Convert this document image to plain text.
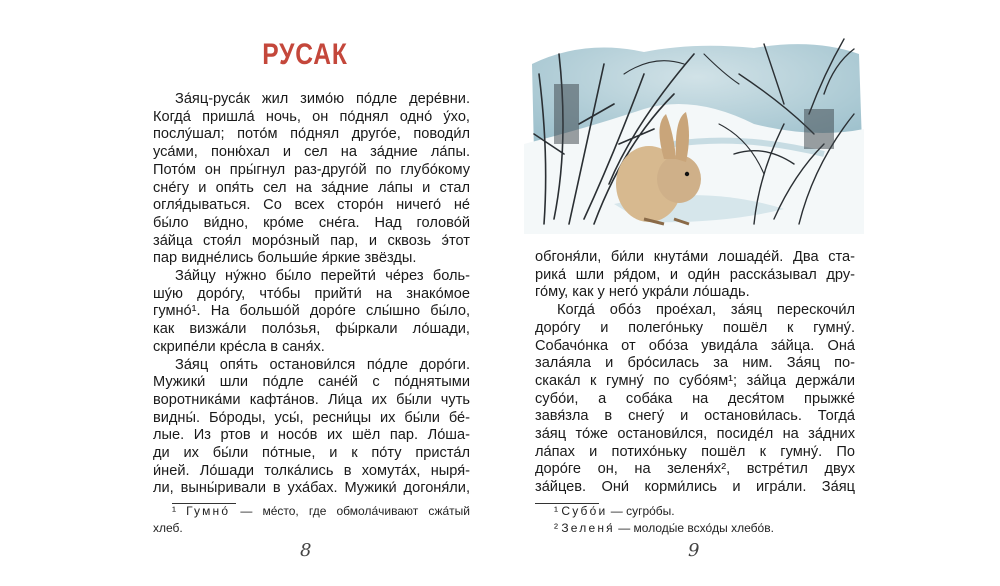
РУСАК
За́яц-руса́к жил зимо́ю по́дле дере́вни.
Когда́ пришла́ ночь, он по́днял одно́ у́хо,
послу́шал; пото́м по́днял друго́е, поводи́л
уса́ми, поню́хал и сел на за́дние ла́пы.
Пото́м он пры́гнул раз-друго́й по глубо́кому
сне́гу и опя́ть сел на за́дние ла́пы и стал
огля́дываться. Со всех сторо́н ничего́ не́
бы́ло ви́дно, кро́ме сне́га. Над голово́й
за́йца стоя́л моро́зный пар, и сквозь э́тот
пар видне́лись больши́е я́ркие звёзды.
За́йцу ну́жно бы́ло перейти́ че́рез боль-
шу́ю доро́гу, что́бы прийти́ на знако́мое
гумно́¹. На большо́й доро́ге слы́шно бы́ло,
как визжа́ли поло́зья, фы́ркали ло́шади,
скрипе́ли кре́сла в саня́х.
За́яц опя́ть останови́лся по́дле доро́ги.
Мужики́ шли по́дле сане́й с по́днятыми
воротника́ми кафта́нов. Ли́ца их бы́ли чуть
видны́. Бо́роды, усы́, ресни́цы их бы́ли бе́-
лые. Из ртов и носо́в их шёл пар. Ло́ша-
ди их бы́ли по́тные, и к по́ту приста́л
и́ней. Ло́шади толка́лись в хомута́х, ныря́-
ли, выны́ривали в уха́бах. Мужики́ догоня́ли,
¹ Гумно́ — ме́сто, где обмола́чивают сжа́тый
хлеб.
8
обгоня́ли, би́ли кнута́ми лошаде́й. Два ста-
рика́ шли ря́дом, и оди́н расска́зывал дру-
го́му, как у него́ укра́ли ло́шадь.
Когда́ обо́з прое́хал, за́яц перескочи́л
доро́гу и полего́ньку пошёл к гумну́.
Собачо́нка от обо́за увида́ла за́йца. Она́
зала́яла и бро́силась за ним. За́яц по-
скака́л к гумну́ по субо́ям¹; за́йца держа́ли
субо́и, а соба́ка на деся́том прыжке́
завя́зла в снегу́ и останови́лась. Тогда́
за́яц то́же останови́лся, посиде́л на за́дних
ла́пах и потихо́ньку пошёл к гумну́. По
доро́ге он, на зеленя́х², встре́тил двух
за́йцев. Они́ корми́лись и игра́ли. За́яц
¹ Субо́и — сугро́бы.
² Зеленя́ — молоды́е всхо́ды хлебо́в.
9
